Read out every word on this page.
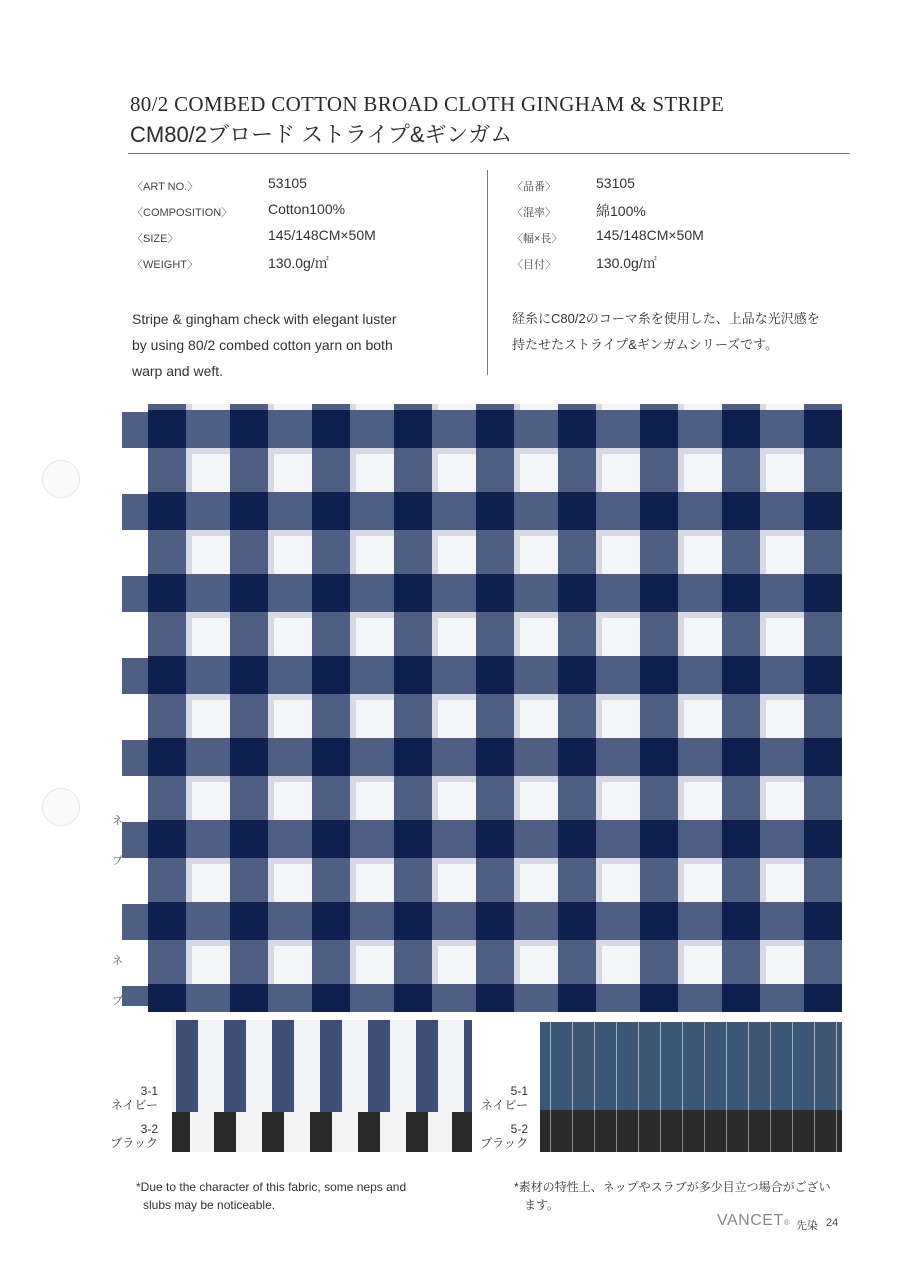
80/2 COMBED COTTON BROAD CLOTH GINGHAM & STRIPE
CM80/2ブロード ストライプ&ギンガム
〈ART NO.〉	53105
〈COMPOSITION〉	Cotton100%
〈SIZE〉	145/148CM×50M
〈WEIGHT〉	130.0g/㎡
〈品番〉	53105
〈混率〉	綿100%
〈幅×長〉 145/148CM×50M
〈目付〉	130.0g/㎡
Stripe & gingham check with elegant luster
by using 80/2 combed cotton yarn on both
warp and weft.
経糸にC80/2のコーマ糸を使用した、上品な光沢感を
持たせたストライプ&ギンガムシリーズです。
ネ
ブ
ネ
ブ
3-1
ネイビー
3-2
ブラック
5-1
ネイビー
5-2
ブラック
*Due to the character of this fabric, some neps and
slubs may be noticeable.
*素材の特性上、ネップやスラブが多少目立つ場合がござい
ます。
VANCET® 先染 24
